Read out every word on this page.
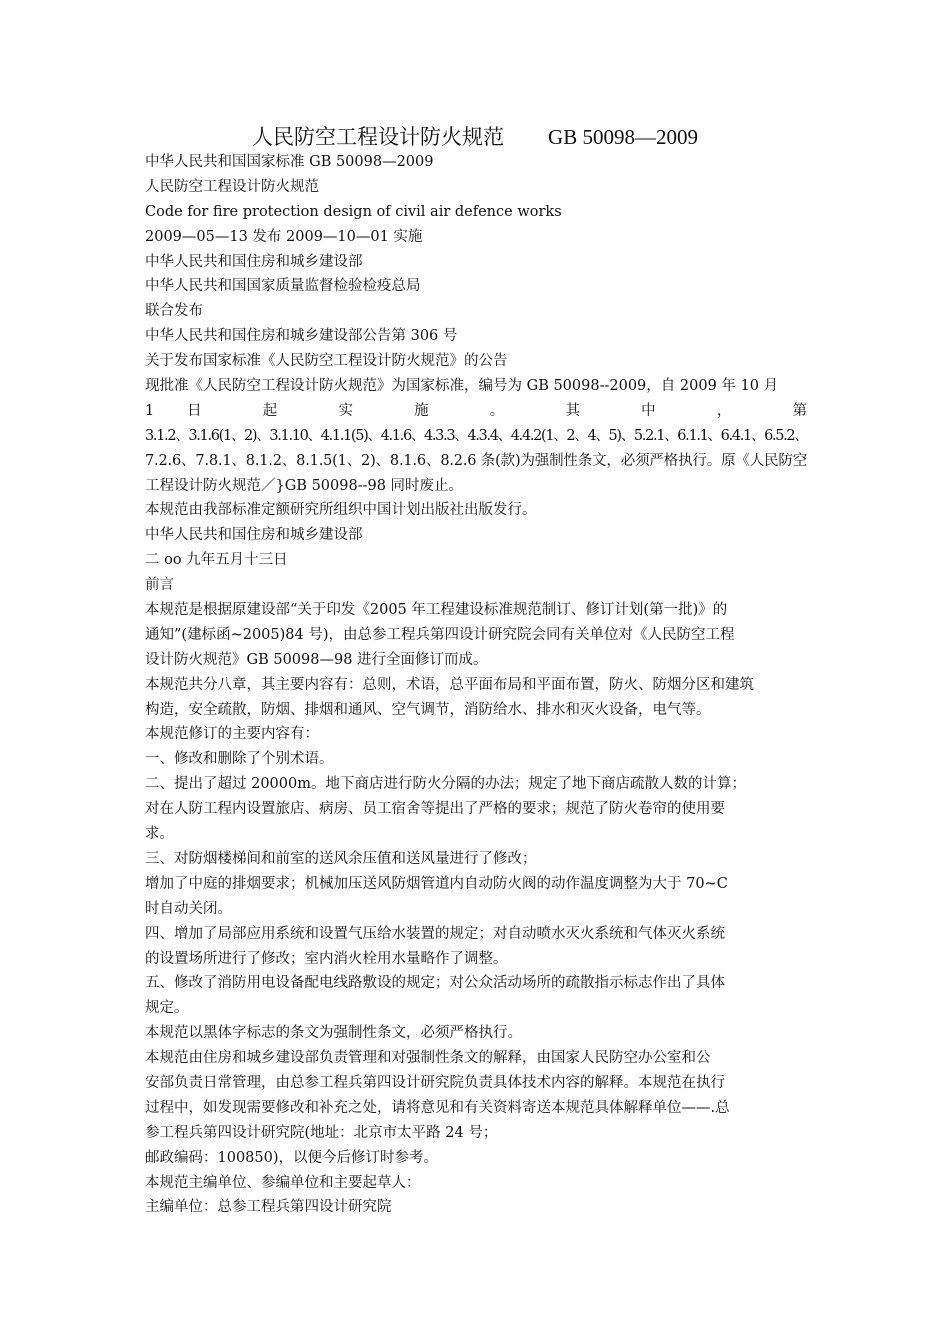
人民防空工程设计防火规范 GB 50098—2009
中华人民共和国国家标准 GB 50098—2009
人民防空工程设计防火规范
Code for fire protection design of civil air defence works
2009—05—13 发布 2009—10—01 实施
中华人民共和国住房和城乡建设部
中华人民共和国国家质量监督检验检疫总局
联合发布
中华人民共和国住房和城乡建设部公告第 306 号
关于发布国家标准《人民防空工程设计防火规范》的公告
现批准《人民防空工程设计防火规范》为国家标准，编号为 GB 50098--2009，自 2009 年 10 月
1 日 起 实 施 。 其 中 ， 第
3.1.2、3.1.6(1、2)、3.1.10、4.1.1(5)、4.1.6、4.3.3、4.3.4、4.4.2(1、2、4、5)、5.2.1、6.1.1、6.4.1、6.5.2、
7.2.6、7.8.1、8.1.2、8.1.5(1、2)、8.1.6、8.2.6 条(款)为强制性条文，必须严格执行。原《人民防空
工程设计防火规范／}GB 50098--98 同时废止。
本规范由我部标准定额研究所组织中国计划出版社出版发行。
中华人民共和国住房和城乡建设部
二 oo 九年五月十三日
前言
本规范是根据原建设部“关于印发《2005 年工程建设标准规范制订、修订计划(第一批)》的
通知”(建标函~2005)84 号)，由总参工程兵第四设计研究院会同有关单位对《人民防空工程
设计防火规范》GB 50098—98 进行全面修订而成。
本规范共分八章，其主要内容有：总则，术语，总平面布局和平面布置，防火、防烟分区和建筑
构造，安全疏散，防烟、排烟和通风、空气调节，消防给水、排水和灭火设备，电气等。
本规范修订的主要内容有：
一、修改和删除了个别术语。
二、提出了超过 20000m。地下商店进行防火分隔的办法；规定了地下商店疏散人数的计算；
对在人防工程内设置旅店、病房、员工宿舍等提出了严格的要求；规范了防火卷帘的使用要
求。
三、对防烟楼梯间和前室的送风余压值和送风量进行了修改；
增加了中庭的排烟要求；机械加压送风防烟管道内自动防火阀的动作温度调整为大于 70~C
时自动关闭。
四、增加了局部应用系统和设置气压给水装置的规定；对自动喷水灭火系统和气体灭火系统
的设置场所进行了修改；室内消火栓用水量略作了调整。
五、修改了消防用电设备配电线路敷设的规定；对公众活动场所的疏散指示标志作出了具体
规定。
本规范以黑体字标志的条文为强制性条文，必须严格执行。
本规范由住房和城乡建设部负责管理和对强制性条文的解释，由国家人民防空办公室和公
安部负责日常管理，由总参工程兵第四设计研究院负责具体技术内容的解释。本规范在执行
过程中，如发现需要修改和补充之处，请将意见和有关资料寄送本规范具体解释单位——.总
参工程兵第四设计研究院(地址：北京市太平路 24 号；
邮政编码：100850)，以便今后修订时参考。
本规范主编单位、参编单位和主要起草人：
主编单位：总参工程兵第四设计研究院
